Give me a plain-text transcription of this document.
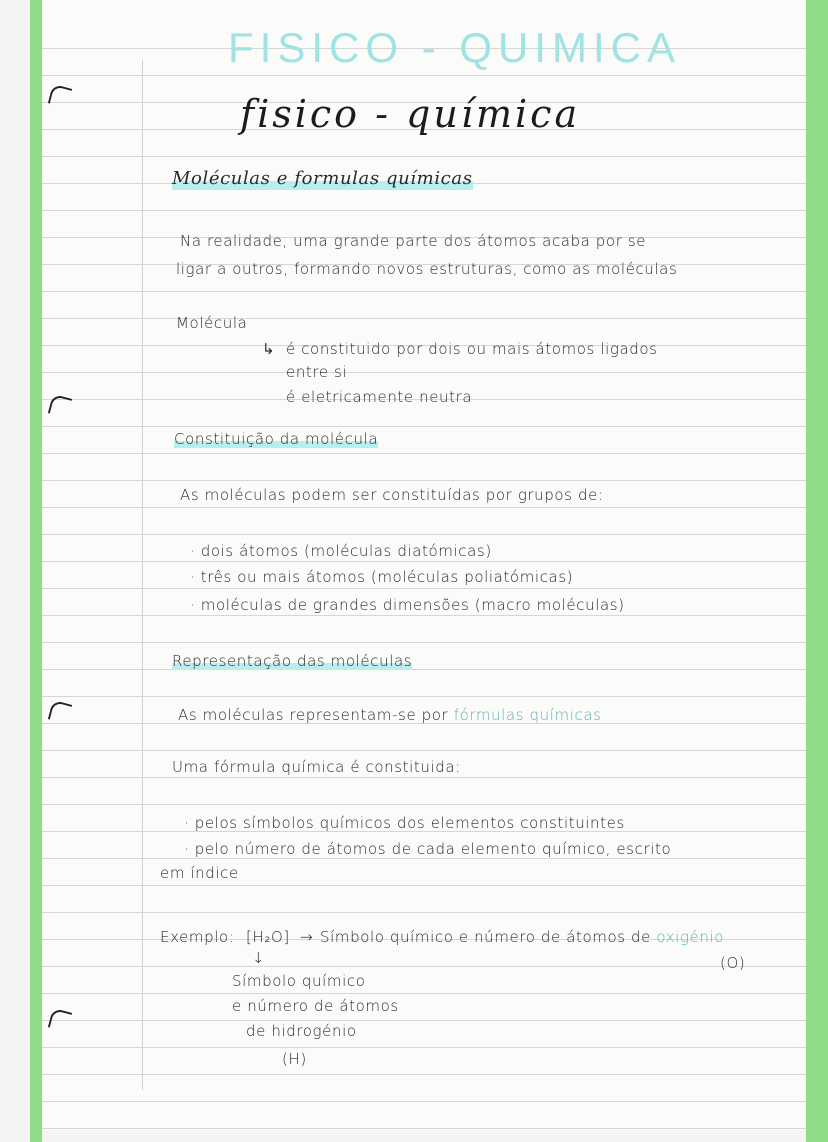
FISICO - QUIMICA
fisico - química
Moléculas e formulas químicas
Na realidade, uma grande parte dos átomos acaba por se
ligar a outros, formando novos estruturas, como as moléculas
Molécula
↳ é constituido por dois ou mais átomos ligados
entre si
é eletricamente neutra
Constituição da molécula
As moléculas podem ser constituídas por grupos de:
· dois átomos (moléculas diatómicas)
· três ou mais átomos (moléculas poliatómicas)
· moléculas de grandes dimensões (macro moléculas)
Representação das moléculas
As moléculas representam-se por fórmulas químicas
Uma fórmula química é constituida:
· pelos símbolos químicos dos elementos constituintes
· pelo número de átomos de cada elemento químico, escrito
em índice
Exemplo: [H₂O] → Símbolo químico e número de átomos de oxigénio
(O)
↓
Símbolo químico
e número de átomos
de hidrogénio
(H)
